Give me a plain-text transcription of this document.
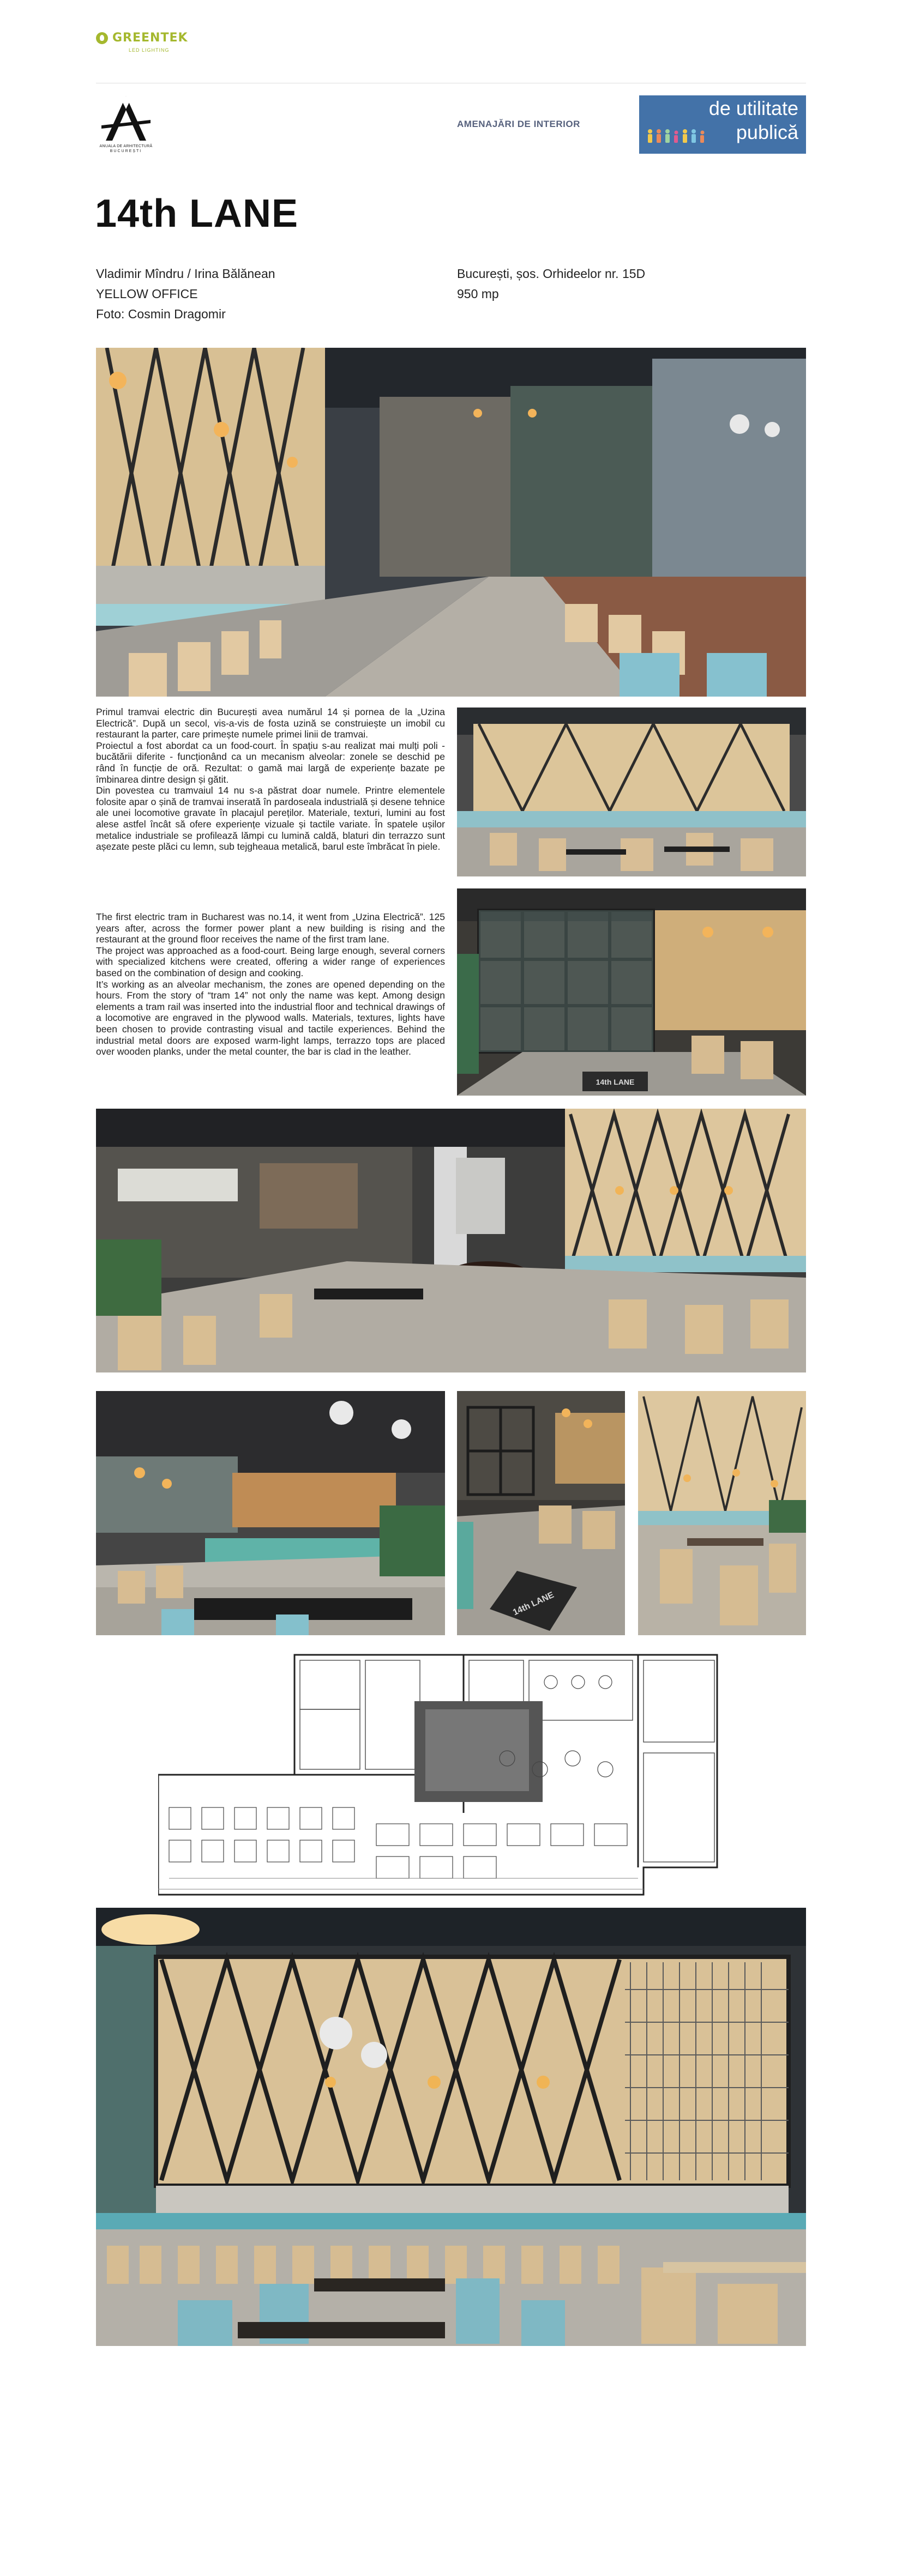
GREENTEK
LED LIGHTING
ANUALA DE ARHITECTURĂ
BUCUREȘTI
AMENAJĂRI DE INTERIOR
de utilitate
publică
14th LANE
Vladimir Mîndru / Irina Bălănean
YELLOW OFFICE
Foto: Cosmin Dragomir
București, șos. Orhideelor nr. 15D
950 mp

Primul tramvai electric din București avea numărul 14 și pornea de la „Uzina Electrică”. După un secol, vis-a-vis de fosta uzină se construiește un imobil cu restaurant la parter, care primește numele primei linii de tramvai.

Proiectul a fost abordat ca un food-court. În spațiu s-au realizat mai mulți poli - bucătării diferite - funcționând ca un mecanism alveolar: zonele se deschid pe rând în funcție de oră. Rezultat: o gamă mai largă de experiențe bazate pe îmbinarea dintre design și gătit.

Din povestea cu tramvaiul 14 nu s-a păstrat doar numele. Printre elementele folosite apar o șină de tramvai inserată în pardoseala industrială și desene tehnice ale unei locomotive gravate în placajul pereților. Materiale, texturi, lumini au fost alese astfel încât să ofere experiențe vizuale și tactile variate. În spatele ușilor metalice industriale se profilează lămpi cu lumină caldă, blaturi din terrazzo sunt așezate peste plăci cu lemn, sub tejgheaua metalică, barul este îmbrăcat în piele.

The first electric tram in Bucharest was no.14, it went from „Uzina Electrică”. 125 years after, across the former power plant a new building is rising and the restaurant at the ground floor receives the name of the first tram lane.

The project was approached as a food-court. Being large enough, several corners with specialized kitchens were created, offering a wider range of experiences based on the combination of design and cooking.

It’s working as an alveolar mechanism, the zones are opened depending on the hours. From the story of “tram 14” not only the name was kept. Among design elements a tram rail was inserted into the industrial floor and technical drawings of a locomotive are engraved in the plywood walls. Materials, textures, lights have been chosen to provide contrasting visual and tactile experiences. Behind the industrial metal doors are exposed warm-light lamps, terrazzo tops are placed over wooden planks, under the metal counter, the bar is clad in the leather.

14th LANE
14th LANE
